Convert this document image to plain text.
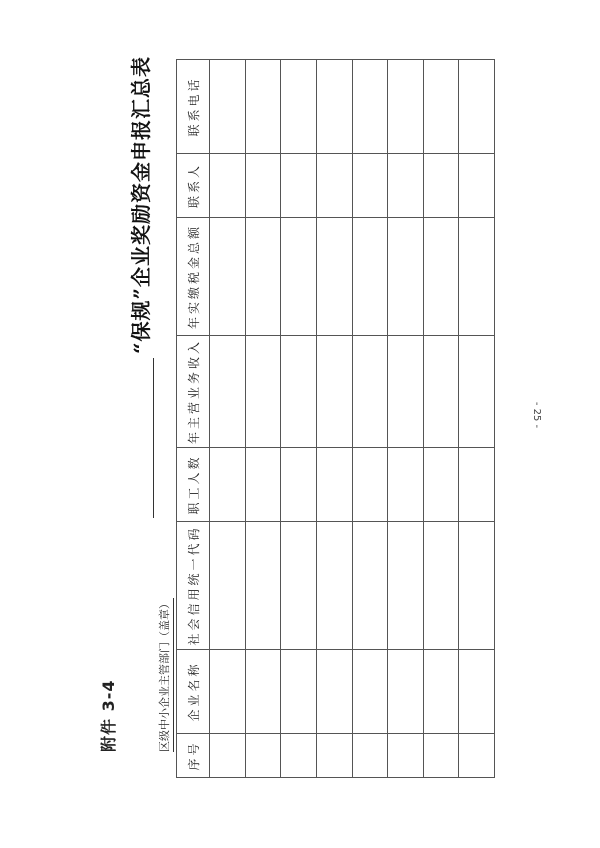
附件 3-4
“保规”企业奖励资金申报汇总表
区级中小企业主管部门（盖章）
序号	企业名称	社会信用统一代码	职工人数	年主营业务收入	年实缴税金总额	联系人	联系电话

- 25 -
